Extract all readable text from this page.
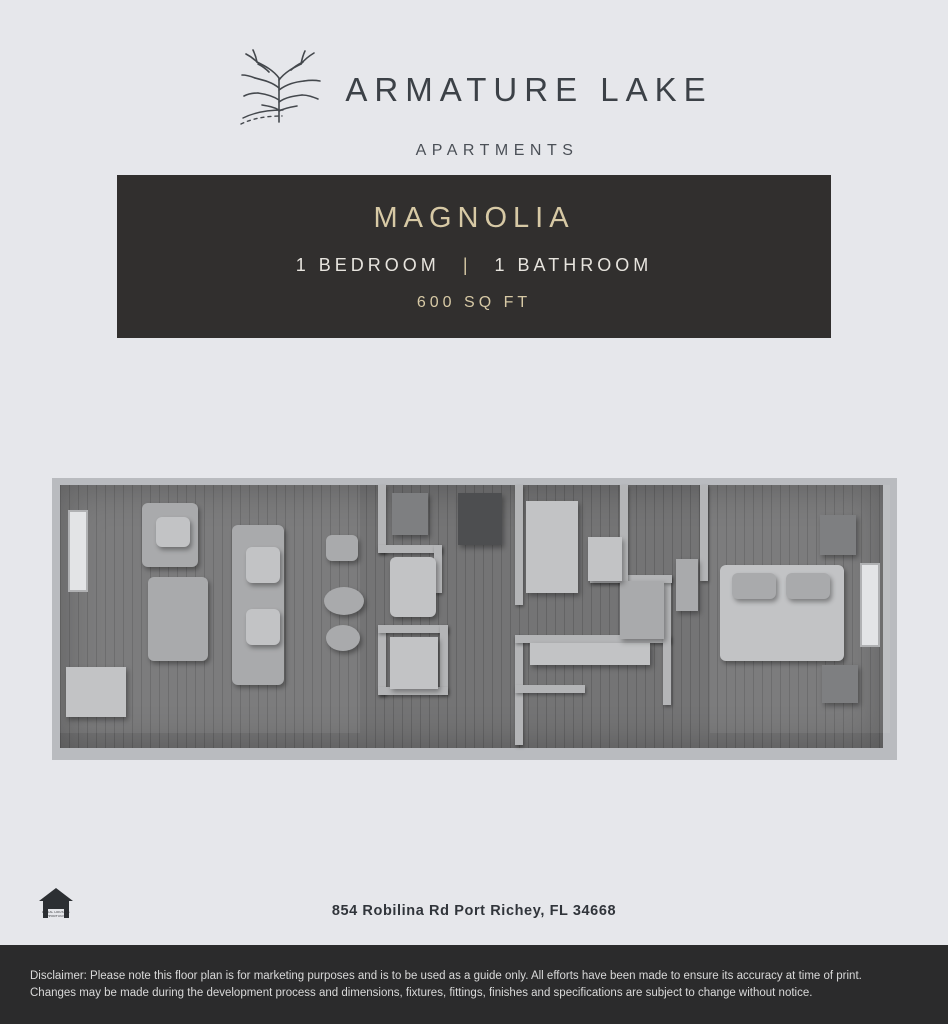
ARMATURE LAKE
APARTMENTS
MAGNOLIA
1 BEDROOM | 1 BATHROOM
600 SQ FT
854 Robilina Rd Port Richey, FL 34668
EQUAL HOUSING
OPPORTUNITY
Disclaimer: Please note this floor plan is for marketing purposes and is to be used as a guide only. All efforts have been made to ensure its accuracy at time of print.
Changes may be made during the development process and dimensions, fixtures, fittings, finishes and specifications are subject to change without notice.
